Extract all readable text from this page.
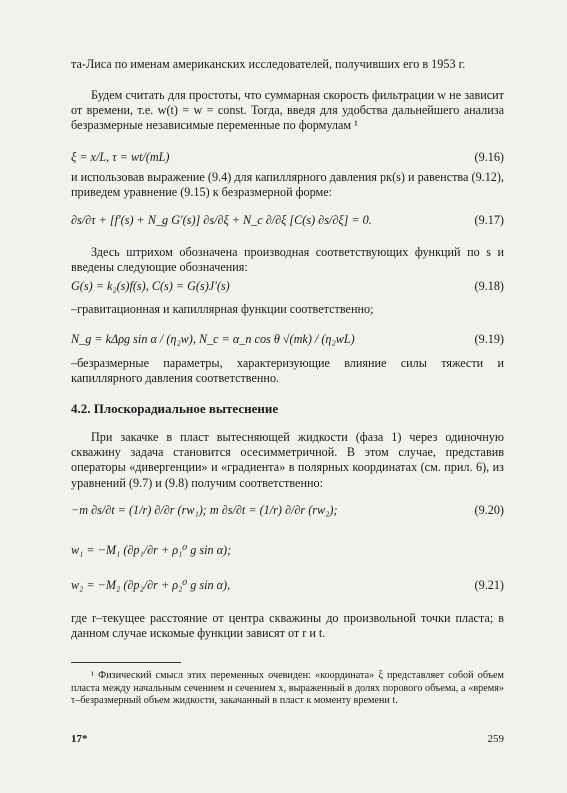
та-Лиса по именам американских исследователей, получивших его в 1953 г.
Будем считать для простоты, что суммарная скорость фильтрации w не зависит от времени, т.е. w(t) = w = const. Тогда, введя для удобства дальнейшего анализа безразмерные независимые переменные по формулам ¹
ξ = x/L, τ = wt/(mL)	(9.16)
и использовав выражение (9.4) для капиллярного давления pк(s) и равенства (9.12), приведем уравнение (9.15) к безразмерной форме:
∂s/∂τ + [f′(s) + N_g G′(s)] ∂s/∂ξ + N_c ∂/∂ξ [C(s) ∂s/∂ξ] = 0.	(9.17)
Здесь штрихом обозначена производная соответствующих функций по s и введены следующие обозначения:
G(s) = k₂(s)f(s), C(s) = G(s)J′(s)	(9.18)
–гравитационная и капиллярная функции соответственно;
N_g = kΔρg sin α / (η₂w), N_c = α_n cos θ √(mk) / (η₂wL)	(9.19)
–безразмерные параметры, характеризующие влияние силы тяжести и капиллярного давления соответственно.
4.2. Плоскорадиальное вытеснение
При закачке в пласт вытесняющей жидкости (фаза 1) через одиночную скважину задача становится осесимметричной. В этом случае, представив операторы «дивергенции» и «градиента» в полярных координатах (см. прил. 6), из уравнений (9.7) и (9.8) получим соответственно:
−m ∂s/∂t = (1/r) ∂/∂r (rw₁); m ∂s/∂t = (1/r) ∂/∂r (rw₂);	(9.20)
w₁ = −M₁ (∂p₁/∂r + ρ₁⁰ g sin α);
w₂ = −M₂ (∂p₂/∂r + ρ₂⁰ g sin α),	(9.21)
где r–текущее расстояние от центра скважины до произвольной точки пласта; в данном случае искомые функции зависят от r и t.
¹ Физический смысл этих переменных очевиден: «координата» ξ представляет собой объем пласта между начальным сечением и сечением x, выраженный в долях порового объема, а «время» τ–безразмерный объем жидкости, закачанный в пласт к моменту времени t.
17*	259
